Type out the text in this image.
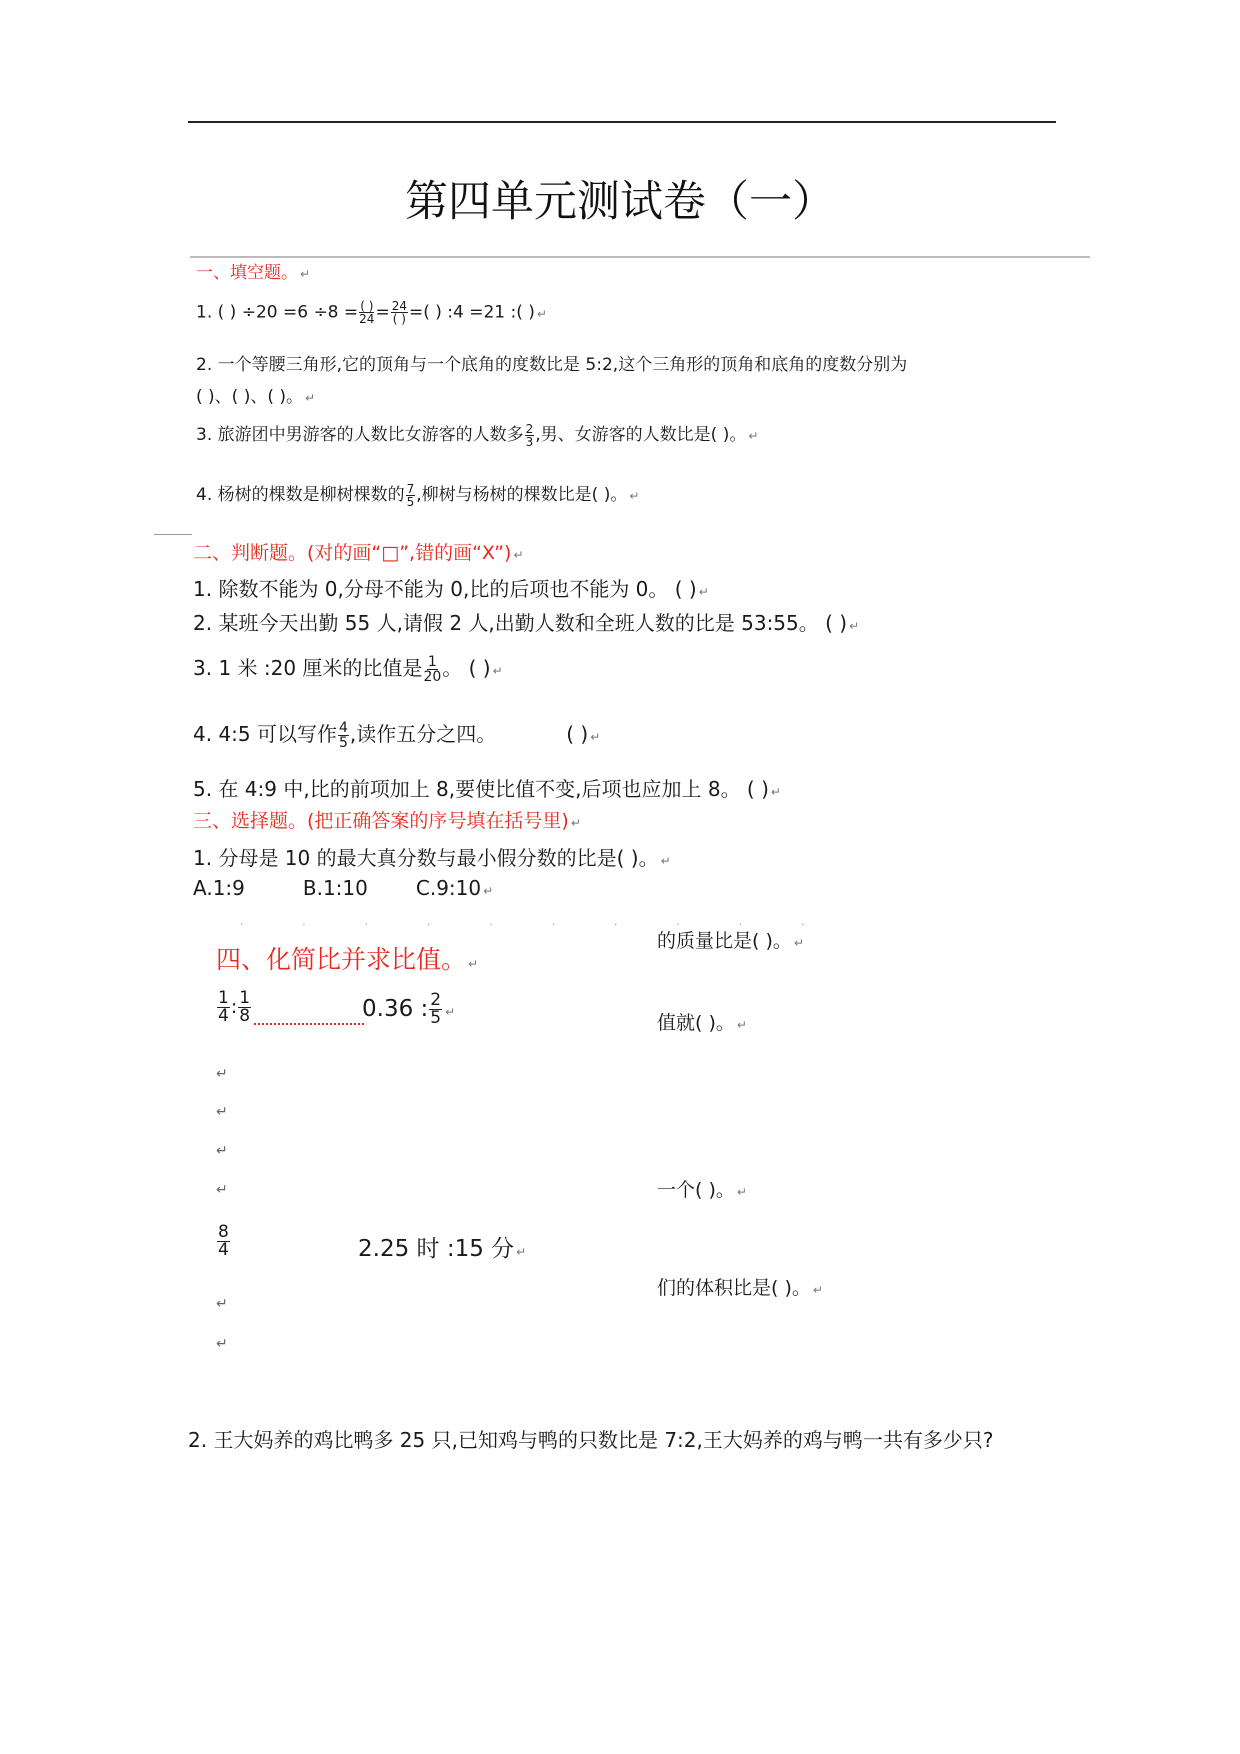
第四单元测试卷（一）
一、填空题。 ↵
1. ( ) $\div 20 =6 \div 8 = \frac{( )}{24} = \frac{24}{( )}$ =( ) :4 =21 :( ) ↵
2. 一个等腰三角形,它的顶角与一个底角的度数比是 5:2,这个三角形的顶角和底角的度数分别为
( )、( )、( )。 ↵
3. 旅游团中男游客的人数比女游客的人数多 $\frac{2}{3}$ ,男、女游客的人数比是( )。 ↵
4. 杨树的棵数是柳树棵数的 $\frac{7}{5}$ ,柳树与杨树的棵数比是( )。 ↵
二、判断题。(对的画“□”,错的画“X”) ↵
1. 除数不能为 0,分母不能为 0,比的后项也不能为 0。 ( ) ↵
2. 某班今天出勤 55 人,请假 2 人,出勤人数和全班人数的比是 53:55。 ( ) ↵
3. 1 米 :20 厘米的比值是 $\frac{1}{20}$ 。 ( ) ↵
4. 4:5 可以写作 $\frac{4}{5}$ ,读作五分之四。	( ) ↵
5. 在 4:9 中,比的前项加上 8,要使比值不变,后项也应加上 8。 ( ) ↵
三、选择题。(把正确答案的序号填在括号里) ↵
1. 分母是 10 的最大真分数与最小假分数的比是( )。 ↵
A.1:9	B.1:10 C.9:10 ↵
· · · · · · · · · ·
的质量比是( )。 ↵
值就( )。 ↵
一个( )。 ↵
们的体积比是( )。 ↵
四、化简比并求比值。 ↵
$\frac{1}{4}$ : $\frac{1}{8}$	0.36 : $\frac{2}{5}$ ↵
↵
↵
↵
↵
$\frac{8}{4}$	2.25 时 :15 分 ↵
↵
↵
2. 王大妈养的鸡比鸭多 25 只,已知鸡与鸭的只数比是 7:2,王大妈养的鸡与鸭一共有多少只?
